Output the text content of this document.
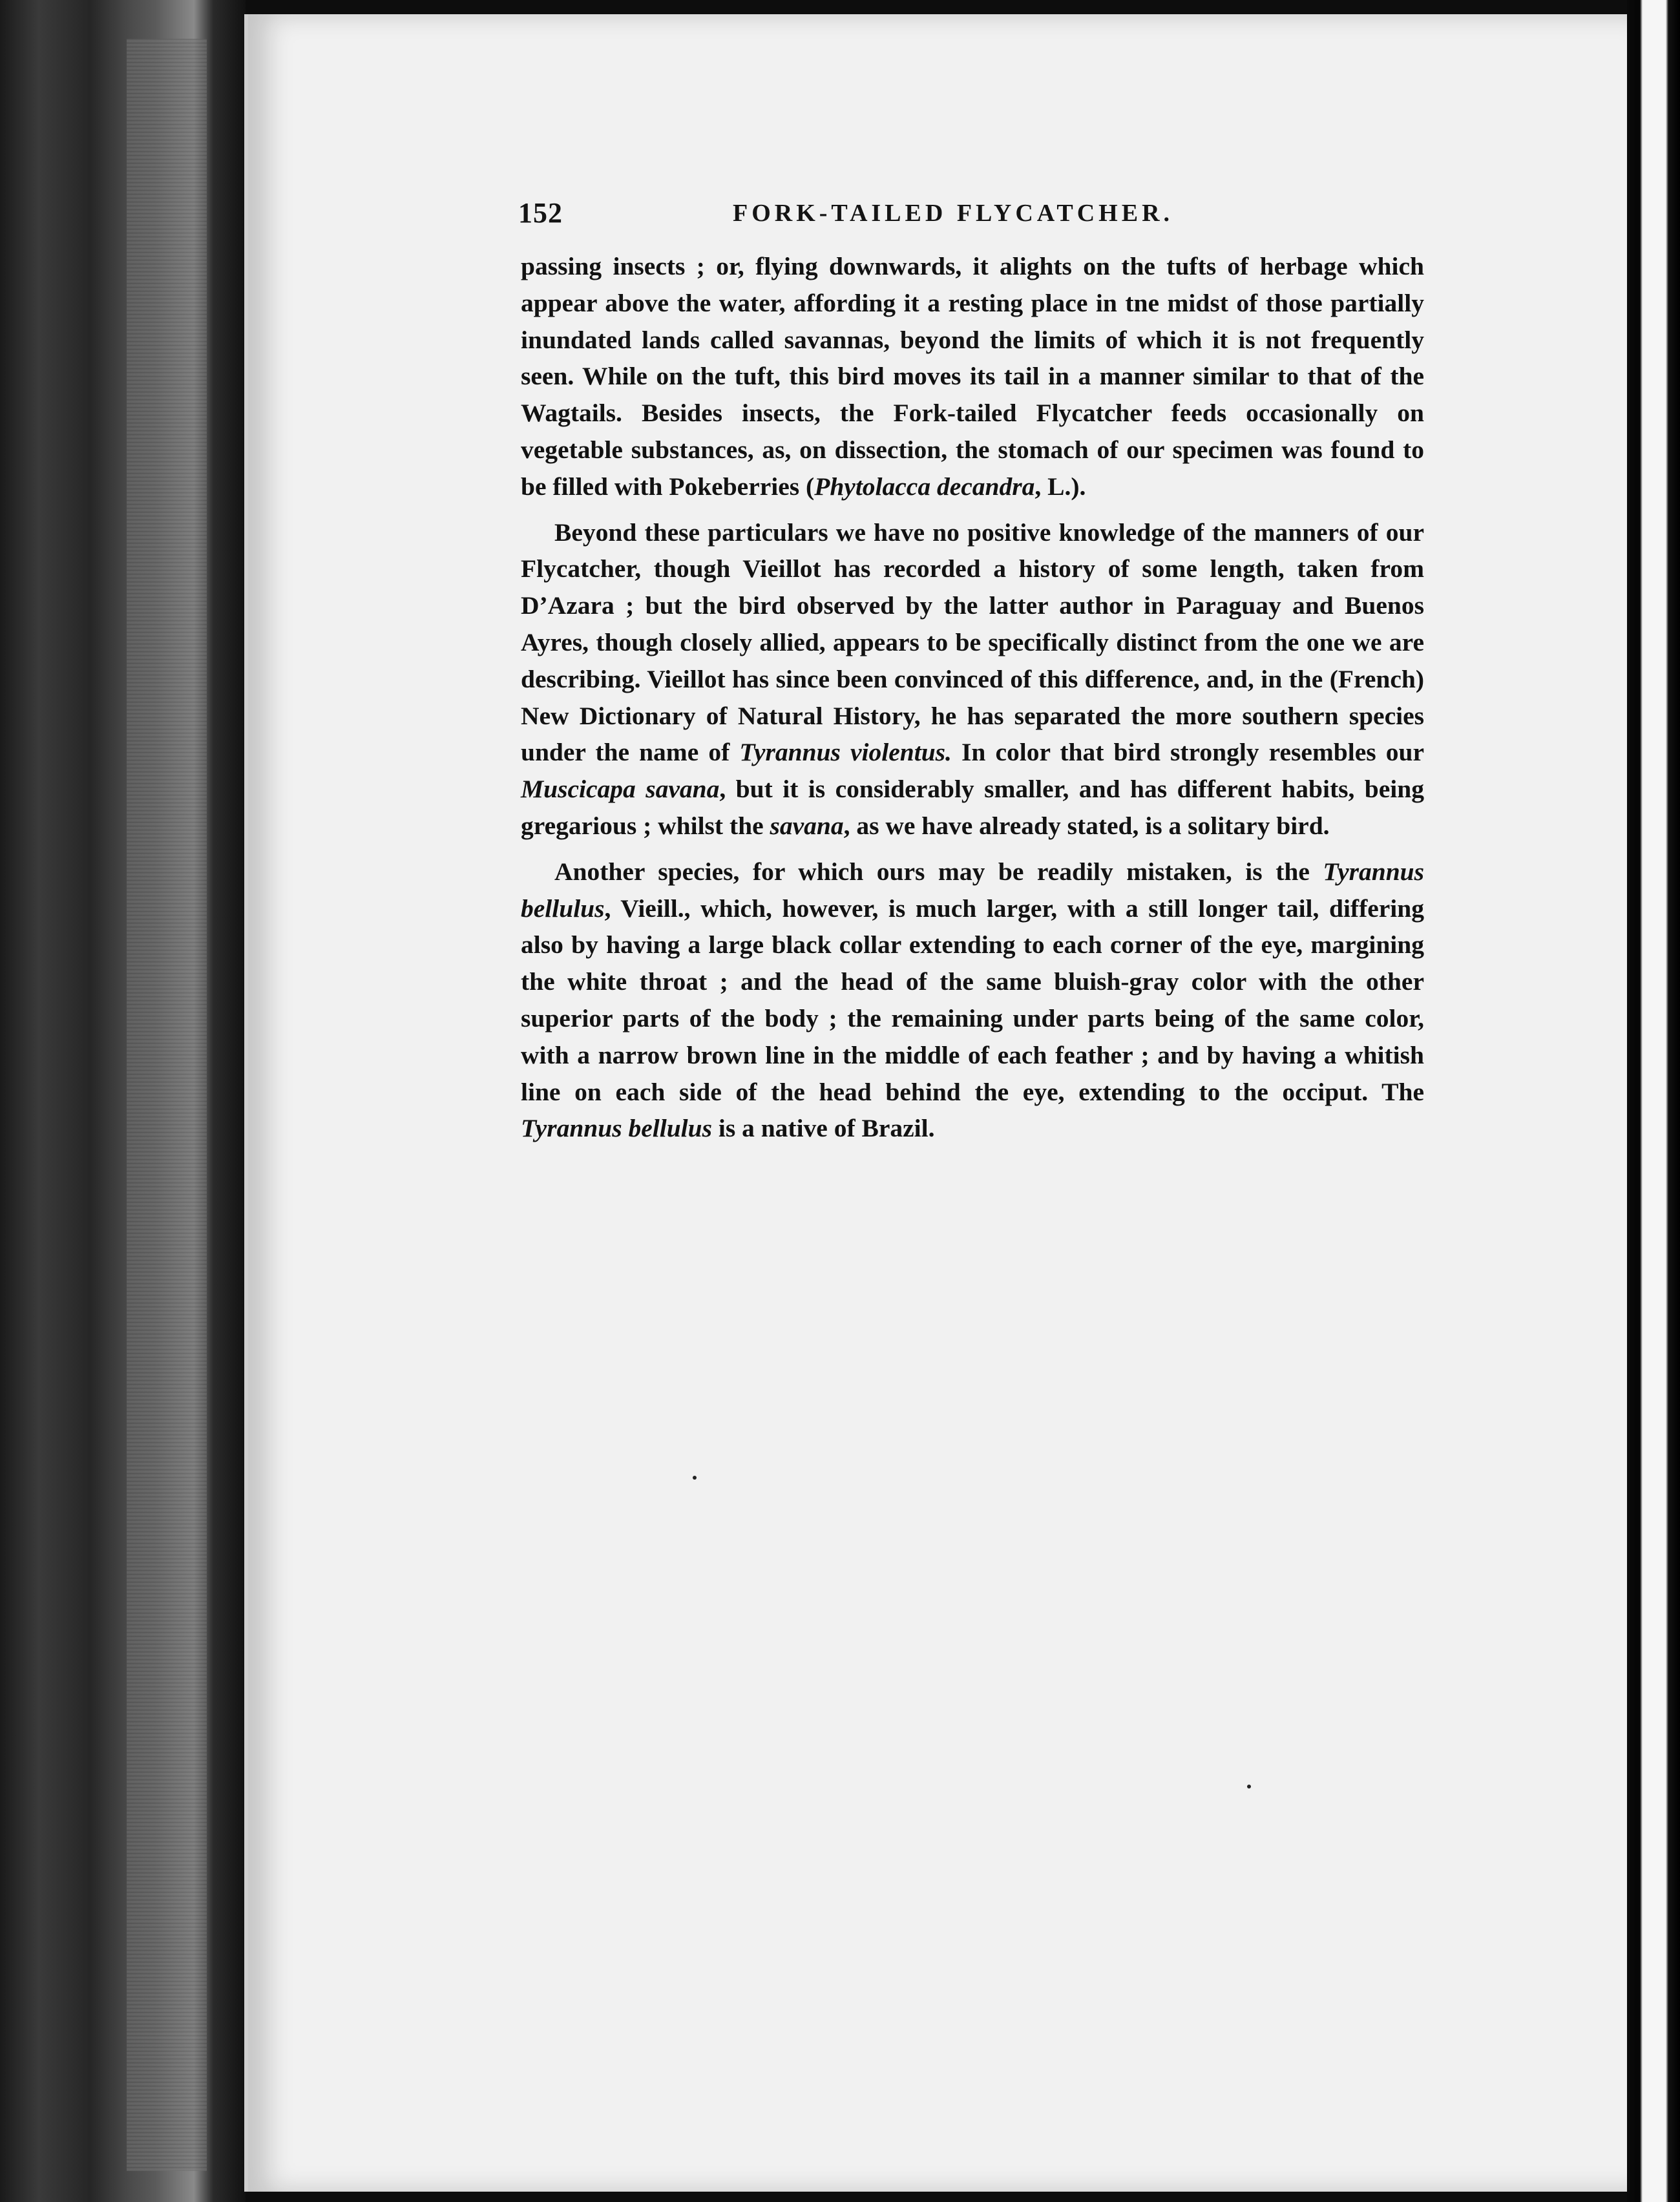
152	FORK-TAILED FLYCATCHER.

passing insects ; or, flying downwards, it alights on the tufts of herbage which appear above the water, affording it a resting place in tne midst of those partially inundated lands called savannas, beyond the limits of which it is not frequently seen. While on the tuft, this bird moves its tail in a manner similar to that of the Wagtails. Besides insects, the Fork-tailed Flycatcher feeds occasionally on vegetable substances, as, on dissection, the stomach of our specimen was found to be filled with Pokeberries (Phytolacca decandra, L.).

Beyond these particulars we have no positive knowledge of the manners of our Flycatcher, though Vieillot has recorded a history of some length, taken from D’Azara ; but the bird observed by the latter author in Paraguay and Buenos Ayres, though closely allied, appears to be specifically distinct from the one we are describing. Vieillot has since been convinced of this difference, and, in the (French) New Dictionary of Natural History, he has separated the more southern species under the name of Tyrannus violentus. In color that bird strongly resembles our Muscicapa savana, but it is considerably smaller, and has different habits, being gregarious ; whilst the savana, as we have already stated, is a solitary bird.

Another species, for which ours may be readily mistaken, is the Tyrannus bellulus, Vieill., which, however, is much larger, with a still longer tail, differing also by having a large black collar extending to each corner of the eye, margining the white throat ; and the head of the same bluish-gray color with the other superior parts of the body ; the remaining under parts being of the same color, with a narrow brown line in the middle of each feather ; and by having a whitish line on each side of the head behind the eye, extending to the occiput. The Tyrannus bellulus is a native of Brazil.
